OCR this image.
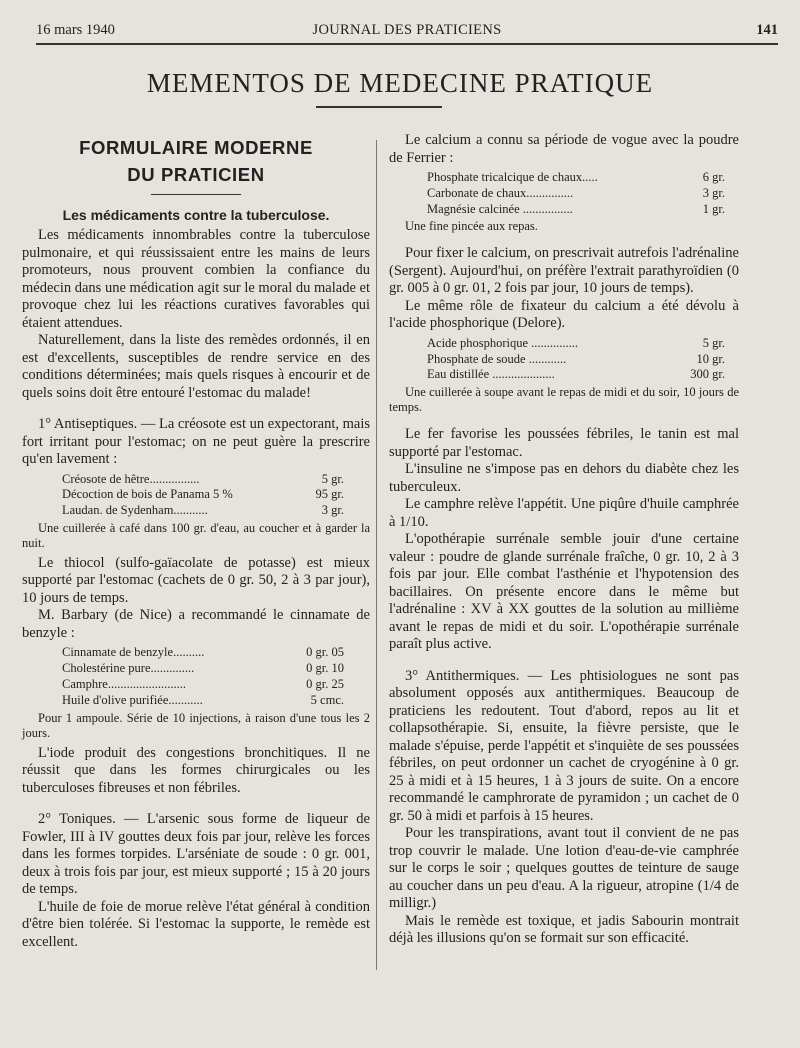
16 mars 1940	JOURNAL DES PRATICIENS	141
MEMENTOS DE MEDECINE PRATIQUE
FORMULAIRE MODERNE
DU PRATICIEN
Les médicaments contre la tuberculose.

Les médicaments innombrables contre la tuberculose pulmonaire, et qui réussissaient entre les mains de leurs promoteurs, nous prouvent combien la confiance du médecin dans une médication agit sur le moral du malade et provoque chez lui les réactions curatives favorables qui étaient attendues.

Naturellement, dans la liste des remèdes ordonnés, il en est d'excellents, susceptibles de rendre service en des conditions déterminées; mais quels risques à encourir et de quels soins doit être entouré l'estomac du malade!

1° Antiseptiques. — La créosote est un expectorant, mais fort irritant pour l'estomac; on ne peut guère la prescrire qu'en lavement :

Créosote de hêtre................	5 gr.
Décoction de bois de Panama 5 %	95 gr.
Laudan. de Sydenham...........	3 gr.
Une cuillerée à café dans 100 gr. d'eau, au coucher et à garder la nuit.

Le thiocol (sulfo-gaïacolate de potasse) est mieux supporté par l'estomac (cachets de 0 gr. 50, 2 à 3 par jour), 10 jours de temps.

M. Barbary (de Nice) a recommandé le cinnamate de benzyle :

Cinnamate de benzyle..........	0 gr. 05
Cholestérine pure..............	0 gr. 10
Camphre.........................	0 gr. 25
Huile d'olive purifiée...........	5 cmc.
Pour 1 ampoule. Série de 10 injections, à raison d'une tous les 2 jours.

L'iode produit des congestions bronchitiques. Il ne réussit que dans les formes chirurgicales ou les tuberculoses fibreuses et non fébriles.

2° Toniques. — L'arsenic sous forme de liqueur de Fowler, III à IV gouttes deux fois par jour, relève les forces dans les formes torpides. L'arséniate de soude : 0 gr. 001, deux à trois fois par jour, est mieux supporté ; 15 à 20 jours de temps.

L'huile de foie de morue relève l'état général à condition d'être bien tolérée. Si l'estomac la supporte, le remède est excellent.

Le calcium a connu sa période de vogue avec la poudre de Ferrier :

Phosphate tricalcique de chaux.....	6 gr.
Carbonate de chaux...............	3 gr.
Magnésie calcinée ................	1 gr.
Une fine pincée aux repas.

Pour fixer le calcium, on prescrivait autrefois l'adrénaline (Sergent). Aujourd'hui, on préfère l'extrait parathyroïdien (0 gr. 005 à 0 gr. 01, 2 fois par jour, 10 jours de temps).

Le même rôle de fixateur du calcium a été dévolu à l'acide phosphorique (Delore).

Acide phosphorique ...............	5 gr.
Phosphate de soude ............	10 gr.
Eau distillée ....................	300 gr.
Une cuillerée à soupe avant le repas de midi et du soir, 10 jours de temps.

Le fer favorise les poussées fébriles, le tanin est mal supporté par l'estomac.

L'insuline ne s'impose pas en dehors du diabète chez les tuberculeux.

Le camphre relève l'appétit. Une piqûre d'huile camphrée à 1/10.

L'opothérapie surrénale semble jouir d'une certaine valeur : poudre de glande surrénale fraîche, 0 gr. 10, 2 à 3 fois par jour. Elle combat l'asthénie et l'hypotension des bacillaires. On présente encore dans le même but l'adrénaline : XV à XX gouttes de la solution au millième avant le repas de midi et du soir. L'opothérapie surrénale paraît plus active.

3° Antithermiques. — Les phtisiologues ne sont pas absolument opposés aux antithermiques. Beaucoup de praticiens les redoutent. Tout d'abord, repos au lit et collapsothérapie. Si, ensuite, la fièvre persiste, que le malade s'épuise, perde l'appétit et s'inquiète de ses poussées fébriles, on peut ordonner un cachet de cryogénine à 0 gr. 25 à midi et à 15 heures, 1 à 3 jours de suite. On a encore recommandé le camphrorate de pyramidon ; un cachet de 0 gr. 50 à midi et parfois à 15 heures.

Pour les transpirations, avant tout il convient de ne pas trop couvrir le malade. Une lotion d'eau-de-vie camphrée sur le corps le soir ; quelques gouttes de teinture de sauge au coucher dans un peu d'eau. A la rigueur, atropine (1/4 de milligr.)

Mais le remède est toxique, et jadis Sabourin montrait déjà les illusions qu'on se formait sur son efficacité.
